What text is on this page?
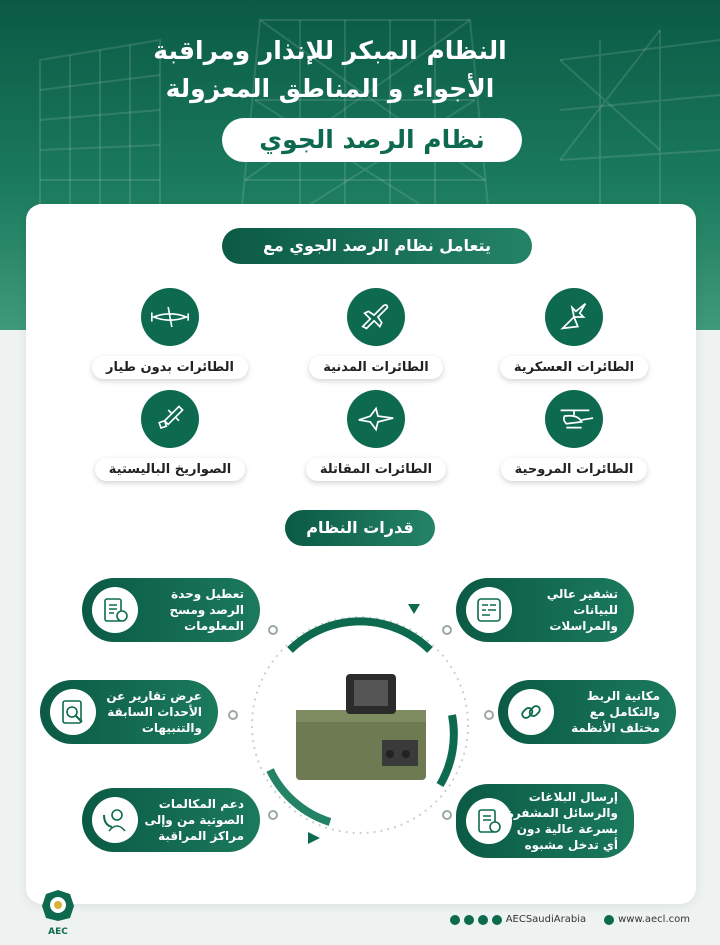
النظام المبكر للإنذار ومراقبة
الأجواء و المناطق المعزولة
نظام الرصد الجوي
يتعامل نظام الرصد الجوي مع
الطائرات العسكرية
الطائرات المدنية
الطائرات بدون طيار
الطائرات المروحية
الطائرات المقاتلة
الصواريخ الباليستية
قدرات النظام
تشفير عالي للبيانات والمراسلات
تعطيل وحدة الرصد ومسح المعلومات
مكانية الربط والتكامل مع مختلف الأنظمة
عرض تقارير عن الأحداث السابقة والتنبيهات
إرسال البلاغات والرسائل المشفرة بسرعة عالية دون أي تدخل مشبوه
دعم المكالمات الصوتية من وإلى مراكز المراقبة
AEC
AECSaudiArabia	www.aecl.com
